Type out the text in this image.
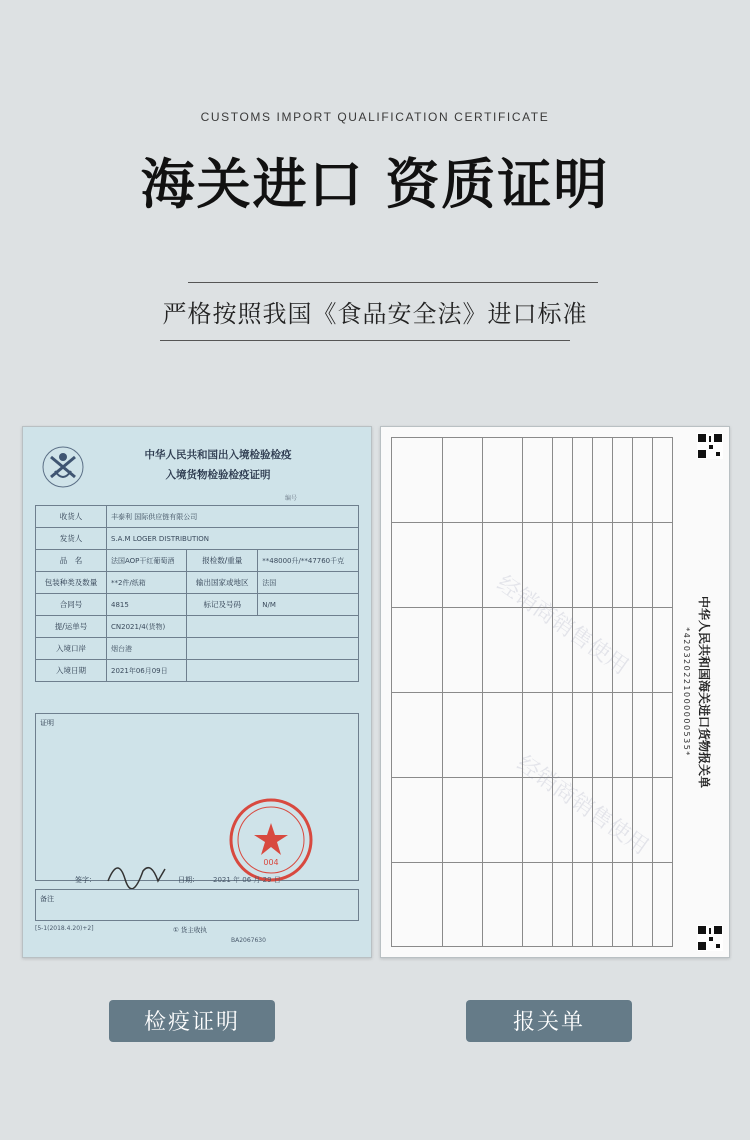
CUSTOMS IMPORT QUALIFICATION CERTIFICATE
海关进口 资质证明
严格按照我国《食品安全法》进口标准
中华人民共和国出入境检验检疫
入境货物检验检疫证明
编号
收货人	丰泰利 国际供应链有限公司		
发货人	S.A.M LOGER DISTRIBUTION		
品　名	法国AOP干红葡萄酒	报检数/重量	**48000升/**47760千克
包装种类及数量	**2件/纸箱	输出国家或地区	法国
合同号	4815	标记及号码	N/M
提/运单号	CN2021/4(货物)		
入境口岸	烟台港		
入境日期	2021年06月09日		
证明
004
签字：	日期： 2021 年 06 月 29 日
备注
[5-1(2018.4.20)+2]	① 货主收执
BA2067630
中华人民共和国海关进口货物报关单
*420320221000000535*
经销商销售使用
经销商销售使用
检疫证明	报关单
